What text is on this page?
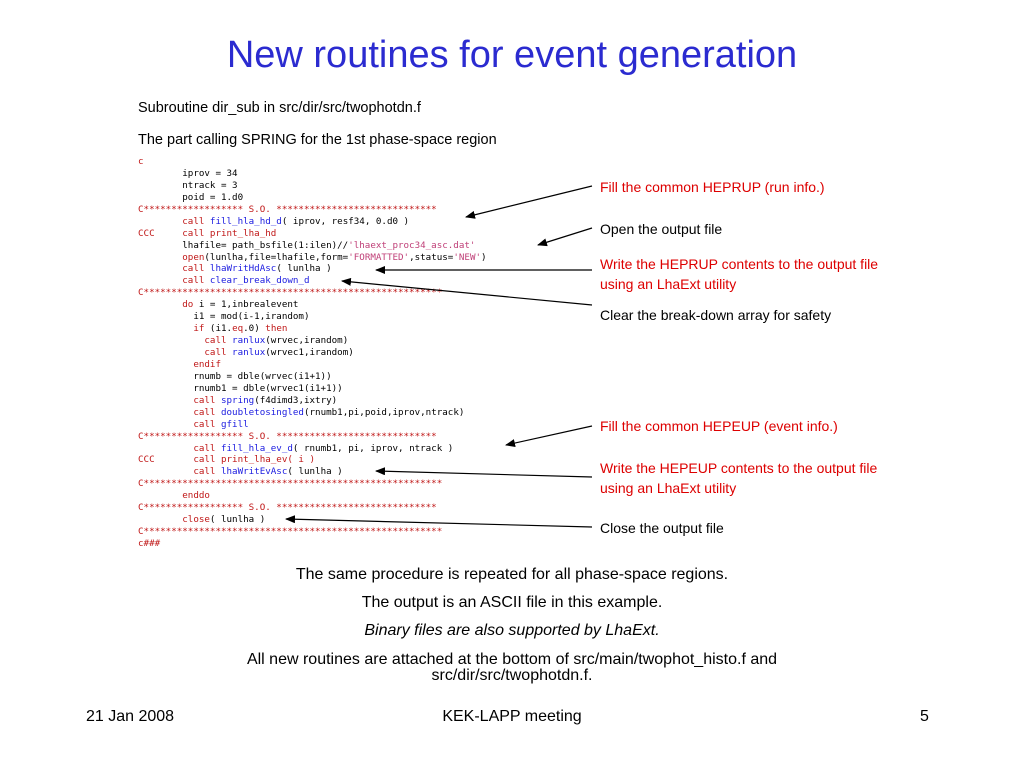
New routines for event generation
Subroutine dir_sub in src/dir/src/twophotdn.f
The part calling SPRING for the 1st phase-space region
c
iprov = 34
ntrack = 3
poid = 1.d0
C****************** S.O. *****************************
call fill_hla_hd_d( iprov, resf34, 0.d0 )
CCC     call print_lha_hd
lhafile= path_bsfile(1:ilen)//'lhaext_proc34_asc.dat'
open(lunlha,file=lhafile,form='FORMATTED',status='NEW')
call lhaWritHdAsc( lunlha )
call clear_break_down_d
C******************************************************
do i = 1,inbrealevent
i1 = mod(i-1,irandom)
if (i1.eq.0) then
call ranlux(wrvec,irandom)
call ranlux(wrvec1,irandom)
endif
rnumb = dble(wrvec(i1+1))
rnumb1 = dble(wrvec1(i1+1))
call spring(f4dimd3,ixtry)
call doubletosingled(rnumb1,pi,poid,iprov,ntrack)
call gfill
C****************** S.O. *****************************
call fill_hla_ev_d( rnumb1, pi, iprov, ntrack )
CCC       call print_lha_ev( i )
call lhaWritEvAsc( lunlha )
C******************************************************
enddo
C****************** S.O. *****************************
close( lunlha )
C******************************************************
c###
Fill the common HEPRUP (run info.)
Open the output file
Write the HEPRUP contents to the output file
using an LhaExt utility
Clear the break-down array for safety
Fill the common HEPEUP (event info.)
Write the HEPEUP contents to the output file
using an LhaExt utility
Close the output file
The same procedure is repeated for all phase-space regions.
The output is an ASCII file in this example.
Binary files are also supported by LhaExt.
All new routines are attached at the bottom of src/main/twophot_histo.f and
src/dir/src/twophotdn.f.
21 Jan 2008	KEK-LAPP meeting	5
